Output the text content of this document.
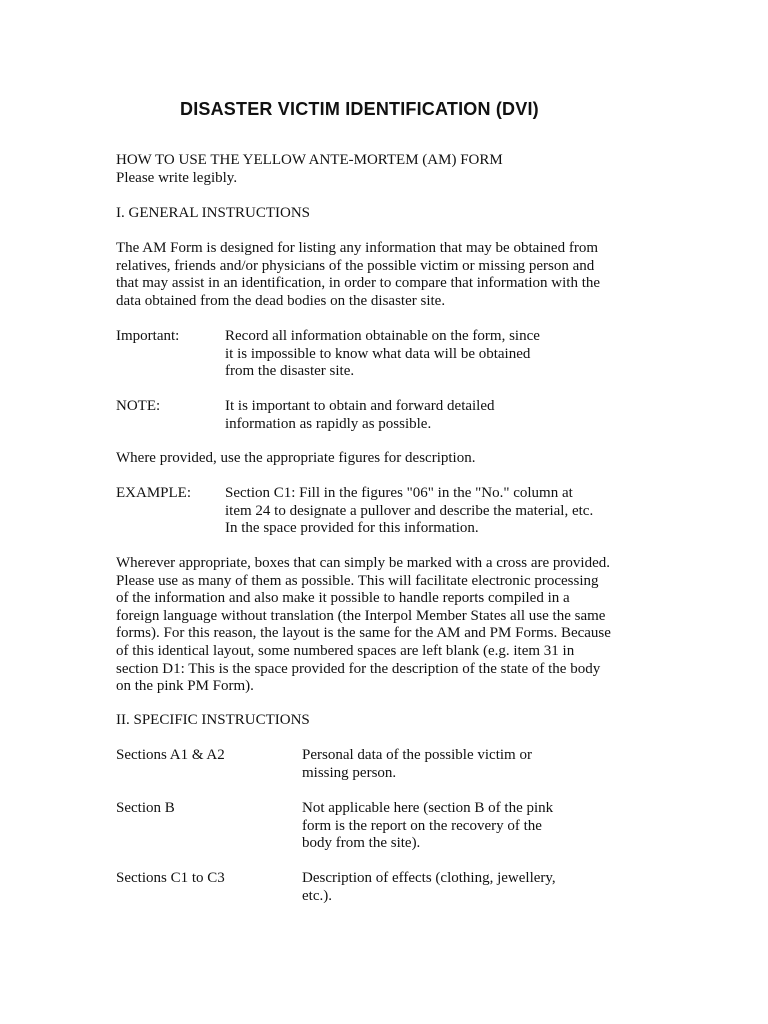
DISASTER VICTIM IDENTIFICATION (DVI)
HOW TO USE THE YELLOW ANTE-MORTEM (AM) FORM
Please write legibly.
I. GENERAL INSTRUCTIONS
The AM Form is designed for listing any information that may be obtained from
relatives, friends and/or physicians of the possible victim or missing person and
that may assist in an identification, in order to compare that information with the
data obtained from the dead bodies on the disaster site.
Important:	Record all information obtainable on the form, since
it is impossible to know what data will be obtained
from the disaster site.
NOTE:	It is important to obtain and forward detailed
information as rapidly as possible.
Where provided, use the appropriate figures for description.
EXAMPLE: Section C1: Fill in the figures "06" in the "No." column at
item 24 to designate a pullover and describe the material, etc.
In the space provided for this information.
Wherever appropriate, boxes that can simply be marked with a cross are provided.
Please use as many of them as possible. This will facilitate electronic processing
of the information and also make it possible to handle reports compiled in a
foreign language without translation (the Interpol Member States all use the same
forms). For this reason, the layout is the same for the AM and PM Forms. Because
of this identical layout, some numbered spaces are left blank (e.g. item 31 in
section D1: This is the space provided for the description of the state of the body
on the pink PM Form).
II. SPECIFIC INSTRUCTIONS
Sections A1 & A2	Personal data of the possible victim or
missing person.
Section B	Not applicable here (section B of the pink
form is the report on the recovery of the
body from the site).
Sections C1 to C3	Description of effects (clothing, jewellery,
etc.).
